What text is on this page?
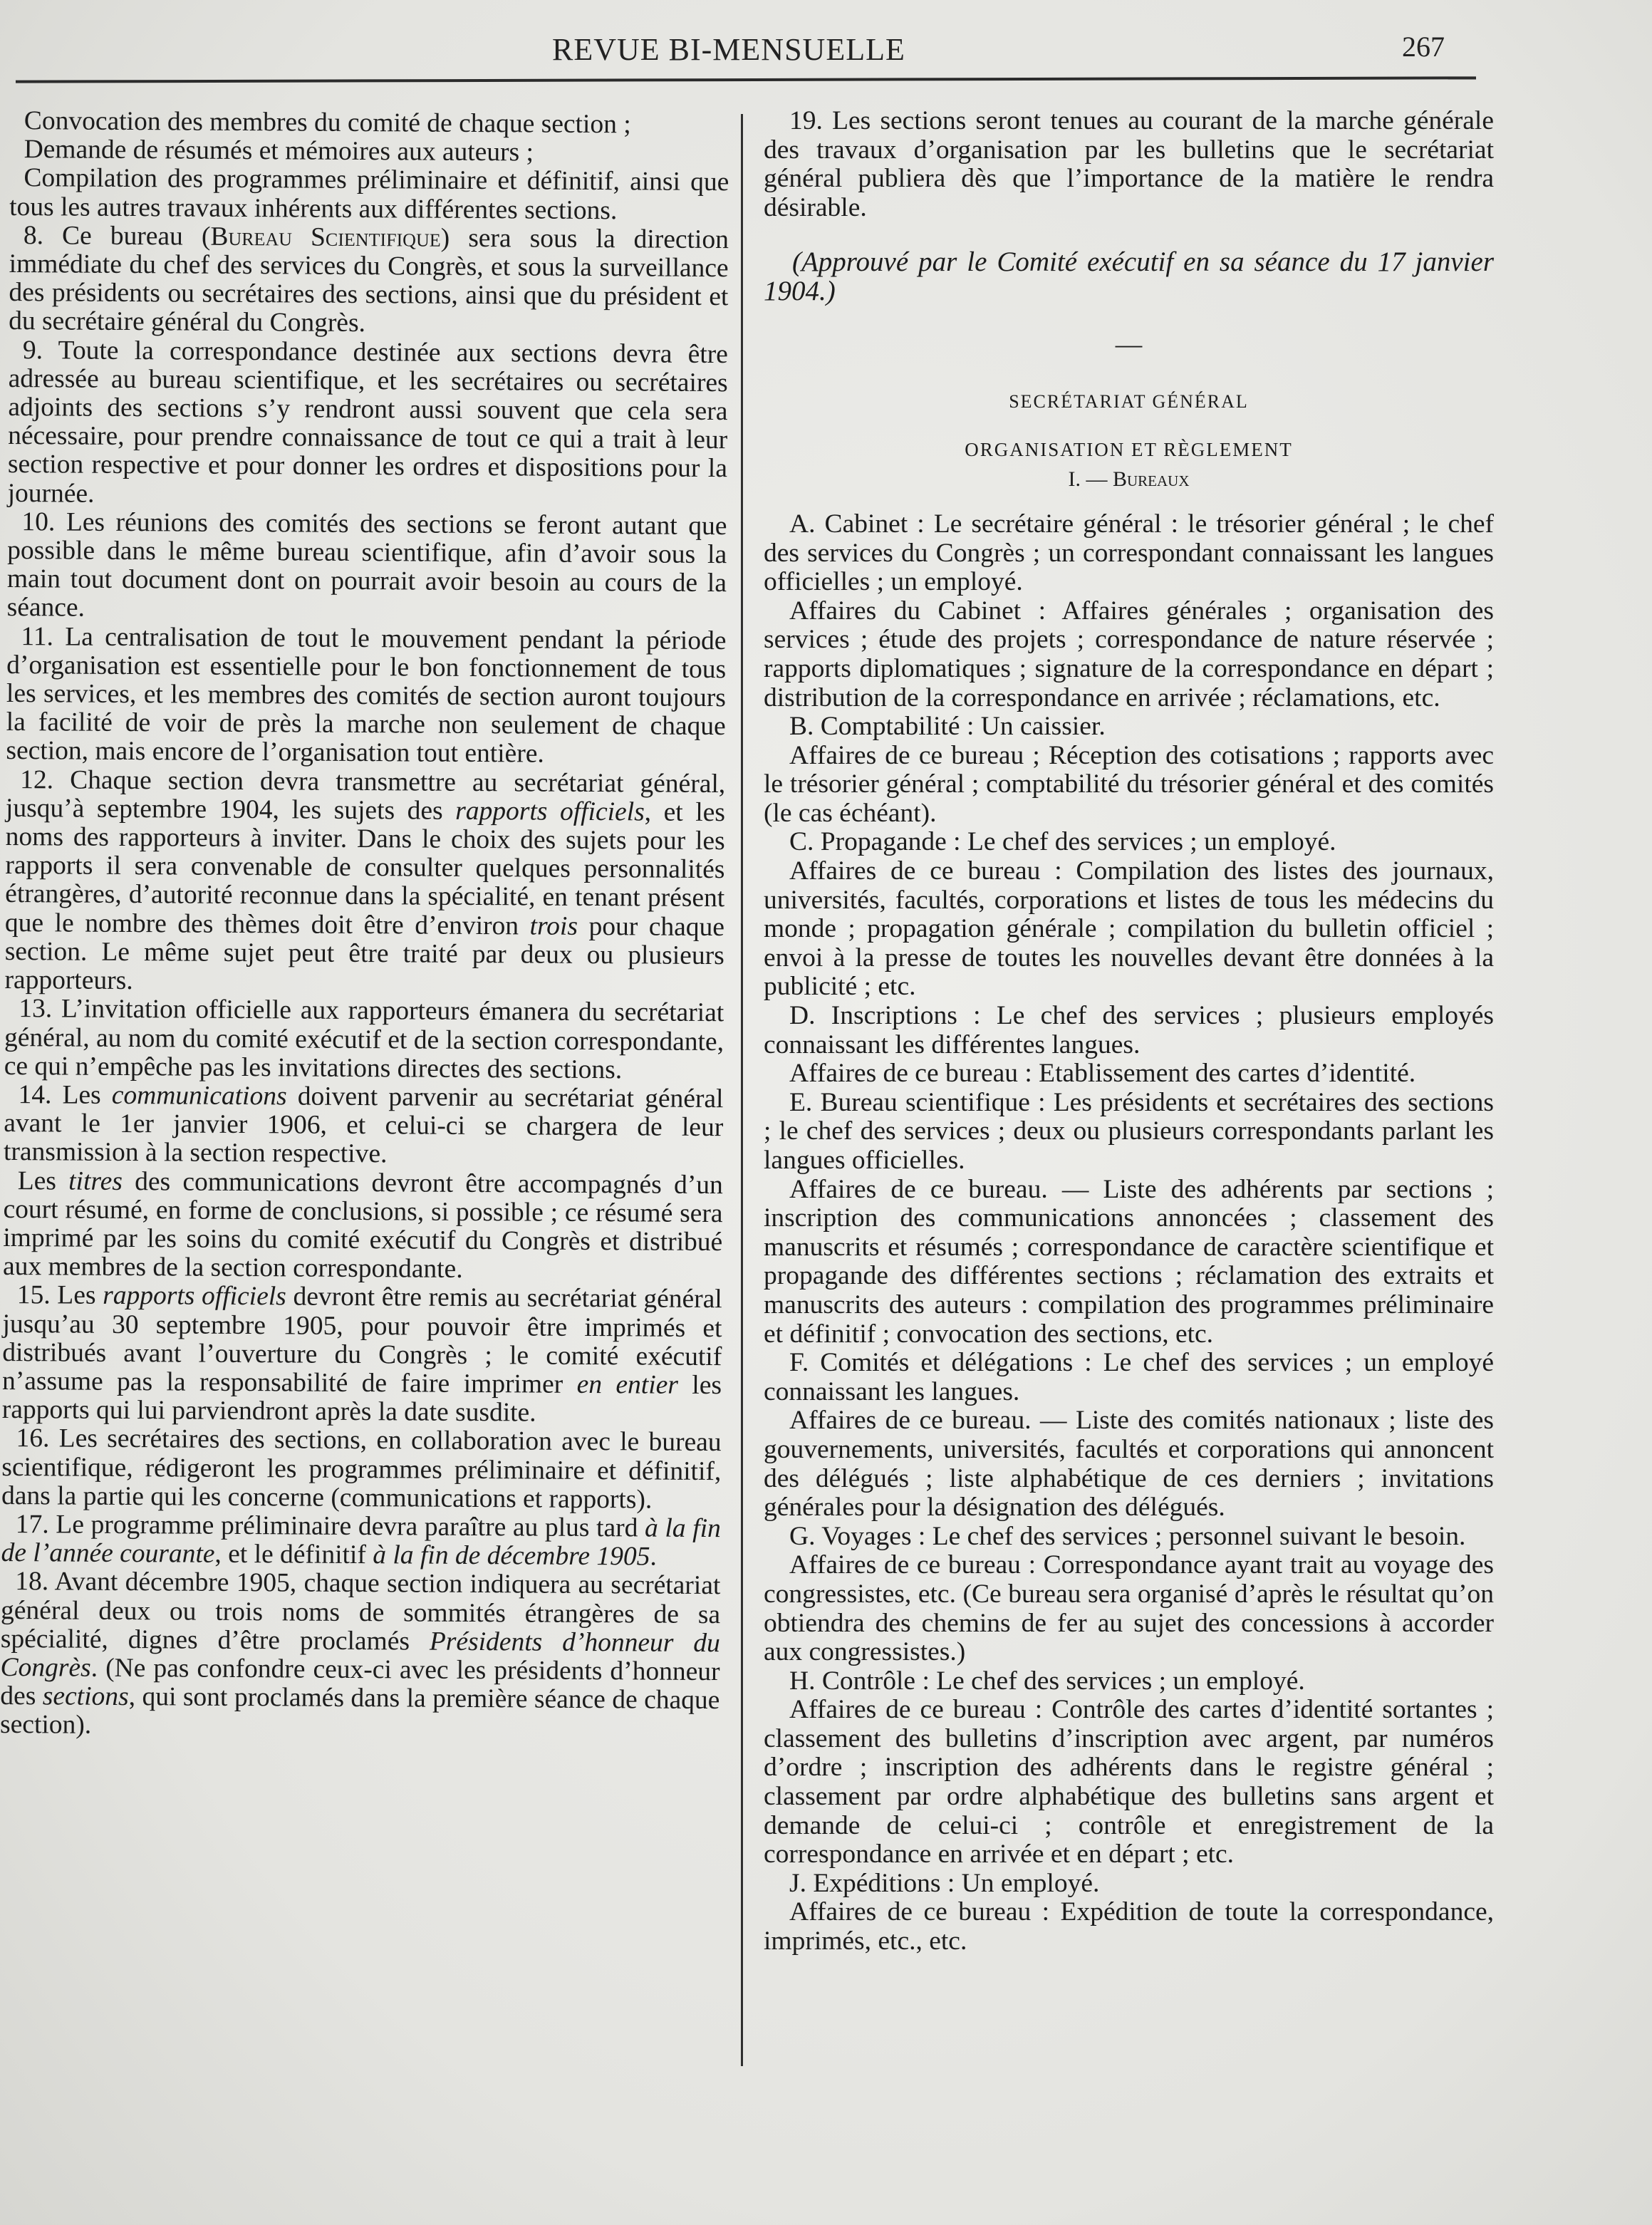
REVUE BI-MENSUELLE	267

Convocation des membres du comité de chaque section ;

Demande de résumés et mémoires aux auteurs ;

Compilation des programmes préliminaire et définitif, ainsi que tous les autres travaux inhérents aux différentes sections.

8. Ce bureau (Bureau Scientifique) sera sous la direction immédiate du chef des services du Congrès, et sous la surveillance des présidents ou secrétaires des sections, ainsi que du président et du secrétaire général du Congrès.

9. Toute la correspondance destinée aux sections devra être adressée au bureau scientifique, et les secrétaires ou secrétaires adjoints des sections s’y rendront aussi souvent que cela sera nécessaire, pour prendre connaissance de tout ce qui a trait à leur section respective et pour donner les ordres et dispositions pour la journée.

10. Les réunions des comités des sections se feront autant que possible dans le même bureau scientifique, afin d’avoir sous la main tout document dont on pourrait avoir besoin au cours de la séance.

11. La centralisation de tout le mouvement pendant la période d’organisation est essentielle pour le bon fonctionnement de tous les services, et les membres des comités de section auront toujours la facilité de voir de près la marche non seulement de chaque section, mais encore de l’organisation tout entière.

12. Chaque section devra transmettre au secrétariat général, jusqu’à septembre 1904, les sujets des rapports officiels, et les noms des rapporteurs à inviter. Dans le choix des sujets pour les rapports il sera convenable de consulter quelques personnalités étrangères, d’autorité reconnue dans la spécialité, en tenant présent que le nombre des thèmes doit être d’environ trois pour chaque section. Le même sujet peut être traité par deux ou plusieurs rapporteurs.

13. L’invitation officielle aux rapporteurs émanera du secrétariat général, au nom du comité exécutif et de la section correspondante, ce qui n’empêche pas les invitations directes des sections.

14. Les communications doivent parvenir au secrétariat général avant le 1er janvier 1906, et celui-ci se chargera de leur transmission à la section respective.

Les titres des communications devront être accompagnés d’un court résumé, en forme de conclusions, si possible ; ce résumé sera imprimé par les soins du comité exécutif du Congrès et distribué aux membres de la section correspondante.

15. Les rapports officiels devront être remis au secrétariat général jusqu’au 30 septembre 1905, pour pouvoir être imprimés et distribués avant l’ouverture du Congrès ; le comité exécutif n’assume pas la responsabilité de faire imprimer en entier les rapports qui lui parviendront après la date susdite.

16. Les secrétaires des sections, en collaboration avec le bureau scientifique, rédigeront les programmes préliminaire et définitif, dans la partie qui les concerne (communications et rapports).

17. Le programme préliminaire devra paraître au plus tard à la fin de l’année courante, et le définitif à la fin de décembre 1905.

18. Avant décembre 1905, chaque section indiquera au secrétariat général deux ou trois noms de sommités étrangères de sa spécialité, dignes d’être proclamés Présidents d’honneur du Congrès. (Ne pas confondre ceux-ci avec les présidents d’honneur des sections, qui sont proclamés dans la première séance de chaque section).

19. Les sections seront tenues au courant de la marche générale des travaux d’organisation par les bulletins que le secrétariat général publiera dès que l’importance de la matière le rendra désirable.

(Approuvé par le Comité exécutif en sa séance du 17 janvier 1904.)

—

SECRÉTARIAT GÉNÉRAL

ORGANISATION ET RÈGLEMENT

I. — Bureaux

A. Cabinet : Le secrétaire général : le trésorier général ; le chef des services du Congrès ; un correspondant connaissant les langues officielles ; un employé.

Affaires du Cabinet : Affaires générales ; organisation des services ; étude des projets ; correspondance de nature réservée ; rapports diplomatiques ; signature de la correspondance en départ ; distribution de la correspondance en arrivée ; réclamations, etc.

B. Comptabilité : Un caissier.

Affaires de ce bureau ; Réception des cotisations ; rapports avec le trésorier général ; comptabilité du trésorier général et des comités (le cas échéant).

C. Propagande : Le chef des services ; un employé.

Affaires de ce bureau : Compilation des listes des journaux, universités, facultés, corporations et listes de tous les médecins du monde ; propagation générale ; compilation du bulletin officiel ; envoi à la presse de toutes les nouvelles devant être données à la publicité ; etc.

D. Inscriptions : Le chef des services ; plusieurs employés connaissant les différentes langues.

Affaires de ce bureau : Etablissement des cartes d’identité.

E. Bureau scientifique : Les présidents et secrétaires des sections ; le chef des services ; deux ou plusieurs correspondants parlant les langues officielles.

Affaires de ce bureau. — Liste des adhérents par sections ; inscription des communications annoncées ; classement des manuscrits et résumés ; correspondance de caractère scientifique et propagande des différentes sections ; réclamation des extraits et manuscrits des auteurs : compilation des programmes préliminaire et définitif ; convocation des sections, etc.

F. Comités et délégations : Le chef des services ; un employé connaissant les langues.

Affaires de ce bureau. — Liste des comités nationaux ; liste des gouvernements, universités, facultés et corporations qui annoncent des délégués ; liste alphabétique de ces derniers ; invitations générales pour la désignation des délégués.

G. Voyages : Le chef des services ; personnel suivant le besoin.

Affaires de ce bureau : Correspondance ayant trait au voyage des congressistes, etc. (Ce bureau sera organisé d’après le résultat qu’on obtiendra des chemins de fer au sujet des concessions à accorder aux congressistes.)

H. Contrôle : Le chef des services ; un employé.

Affaires de ce bureau : Contrôle des cartes d’identité sortantes ; classement des bulletins d’inscription avec argent, par numéros d’ordre ; inscription des adhérents dans le registre général ; classement par ordre alphabétique des bulletins sans argent et demande de celui-ci ; contrôle et enregistrement de la correspondance en arrivée et en départ ; etc.

J. Expéditions : Un employé.

Affaires de ce bureau : Expédition de toute la correspondance, imprimés, etc., etc.
